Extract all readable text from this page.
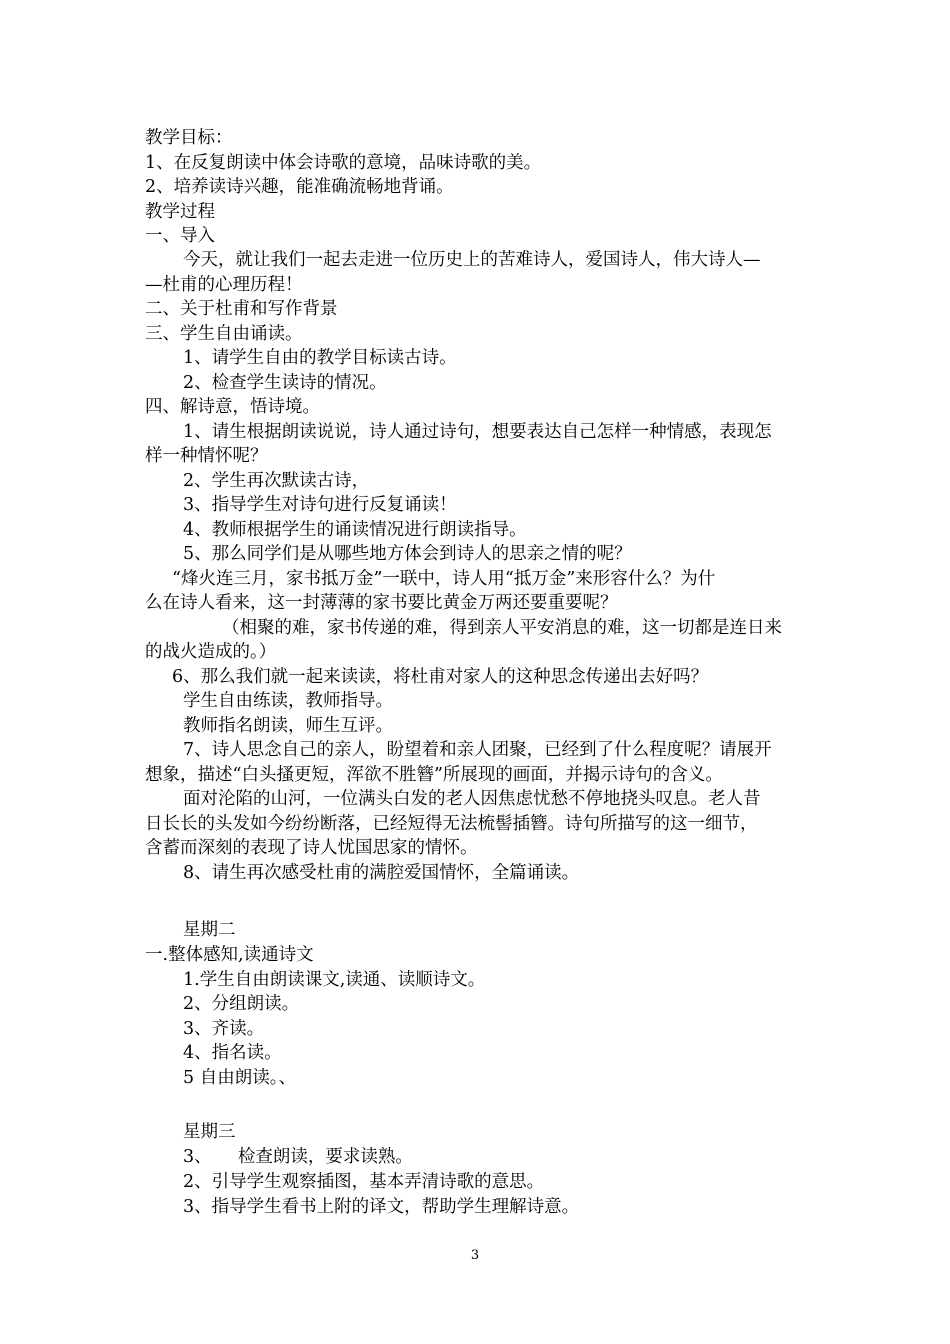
教学目标：
1、在反复朗读中体会诗歌的意境，品味诗歌的美。
2、培养读诗兴趣，能准确流畅地背诵。
教学过程
一、导入
今天，就让我们一起去走进一位历史上的苦难诗人，爱国诗人，伟大诗人—
—杜甫的心理历程！
二、关于杜甫和写作背景
三、学生自由诵读。
1、请学生自由的教学目标读古诗。
2、检查学生读诗的情况。
四、解诗意，悟诗境。
1、请生根据朗读说说，诗人通过诗句，想要表达自己怎样一种情感，表现怎
样一种情怀呢？
2、学生再次默读古诗，
3、指导学生对诗句进行反复诵读！
4、教师根据学生的诵读情况进行朗读指导。
5、那么同学们是从哪些地方体会到诗人的思亲之情的呢？
“烽火连三月，家书抵万金”一联中，诗人用“抵万金”来形容什么？为什
么在诗人看来，这一封薄薄的家书要比黄金万两还要重要呢？
（相聚的难，家书传递的难，得到亲人平安消息的难，这一切都是连日来
的战火造成的。）
6、那么我们就一起来读读，将杜甫对家人的这种思念传递出去好吗？
学生自由练读，教师指导。
教师指名朗读，师生互评。
7、诗人思念自己的亲人，盼望着和亲人团聚，已经到了什么程度呢？请展开
想象，描述“白头搔更短，浑欲不胜簪”所展现的画面，并揭示诗句的含义。
面对沦陷的山河，一位满头白发的老人因焦虑忧愁不停地挠头叹息。老人昔
日长长的头发如今纷纷断落，已经短得无法梳髻插簪。诗句所描写的这一细节，
含蓄而深刻的表现了诗人忧国思家的情怀。
8、请生再次感受杜甫的满腔爱国情怀，全篇诵读。
星期二
一.整体感知,读通诗文
1.学生自由朗读课文,读通、读顺诗文。
2、分组朗读。
3、齐读。
4、指名读。
5 自由朗读。、
星期三
3、　　检查朗读，要求读熟。
2、引导学生观察插图，基本弄清诗歌的意思。
3、指导学生看书上附的译文，帮助学生理解诗意。
3
